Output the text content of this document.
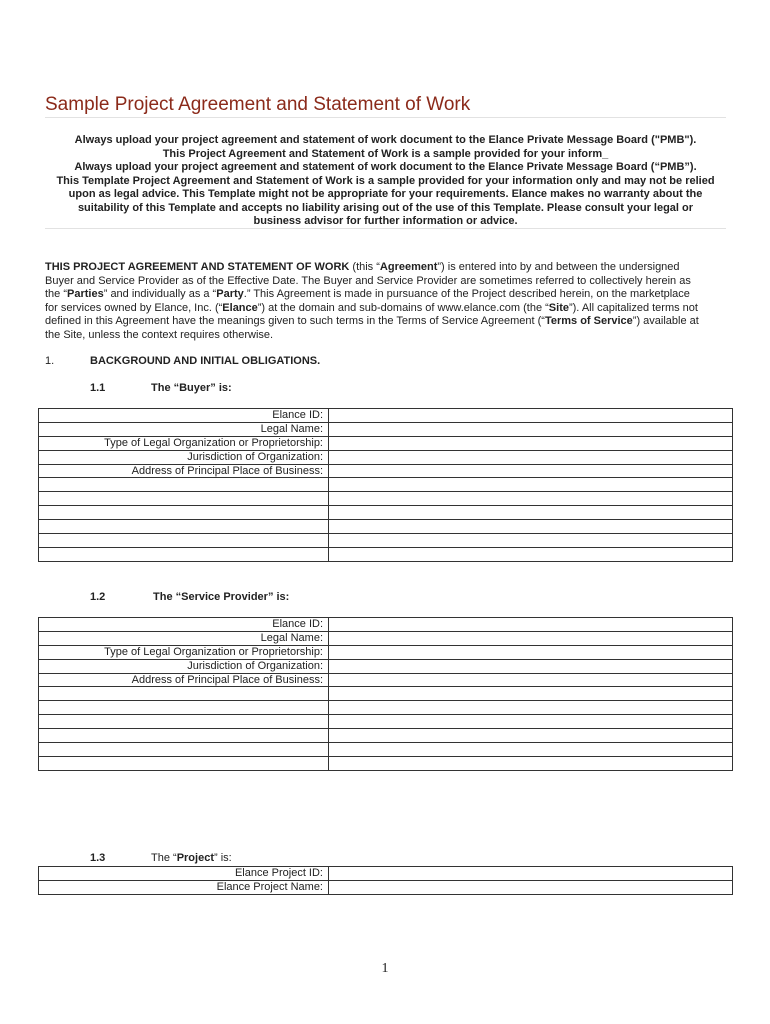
Sample Project Agreement and Statement of Work
Always upload your project agreement and statement of work document to the Elance Private Message Board ("PMB").
This Project Agreement and Statement of Work is a sample provided for your inform_
Always upload your project agreement and statement of work document to the Elance Private Message Board (“PMB”).
This Template Project Agreement and Statement of Work is a sample provided for your information only and may not be relied
upon as legal advice. This Template might not be appropriate for your requirements. Elance makes no warranty about the
suitability of this Template and accepts no liability arising out of the use of this Template. Please consult your legal or
business advisor for further information or advice.
THIS PROJECT AGREEMENT AND STATEMENT OF WORK (this “Agreement”) is entered into by and between the undersigned
Buyer and Service Provider as of the Effective Date. The Buyer and Service Provider are sometimes referred to collectively herein as
the “Parties” and individually as a “Party.” This Agreement is made in pursuance of the Project described herein, on the marketplace
for services owned by Elance, Inc. (“Elance”) at the domain and sub-domains of www.elance.com (the “Site”). All capitalized terms not
defined in this Agreement have the meanings given to such terms in the Terms of Service Agreement (“Terms of Service”) available at
the Site, unless the context requires otherwise.
1.	BACKGROUND AND INITIAL OBLIGATIONS.
1.1	The “Buyer” is:
Elance ID:	
Legal Name:	
Type of Legal Organization or Proprietorship:	
Jurisdiction of Organization:	
Address of Principal Place of Business:	

1.2	The “Service Provider” is:
Elance ID:	
Legal Name:	
Type of Legal Organization or Proprietorship:	
Jurisdiction of Organization:	
Address of Principal Place of Business:	

1.3	The “Project” is:
Elance Project ID:	
Elance Project Name:	
1
